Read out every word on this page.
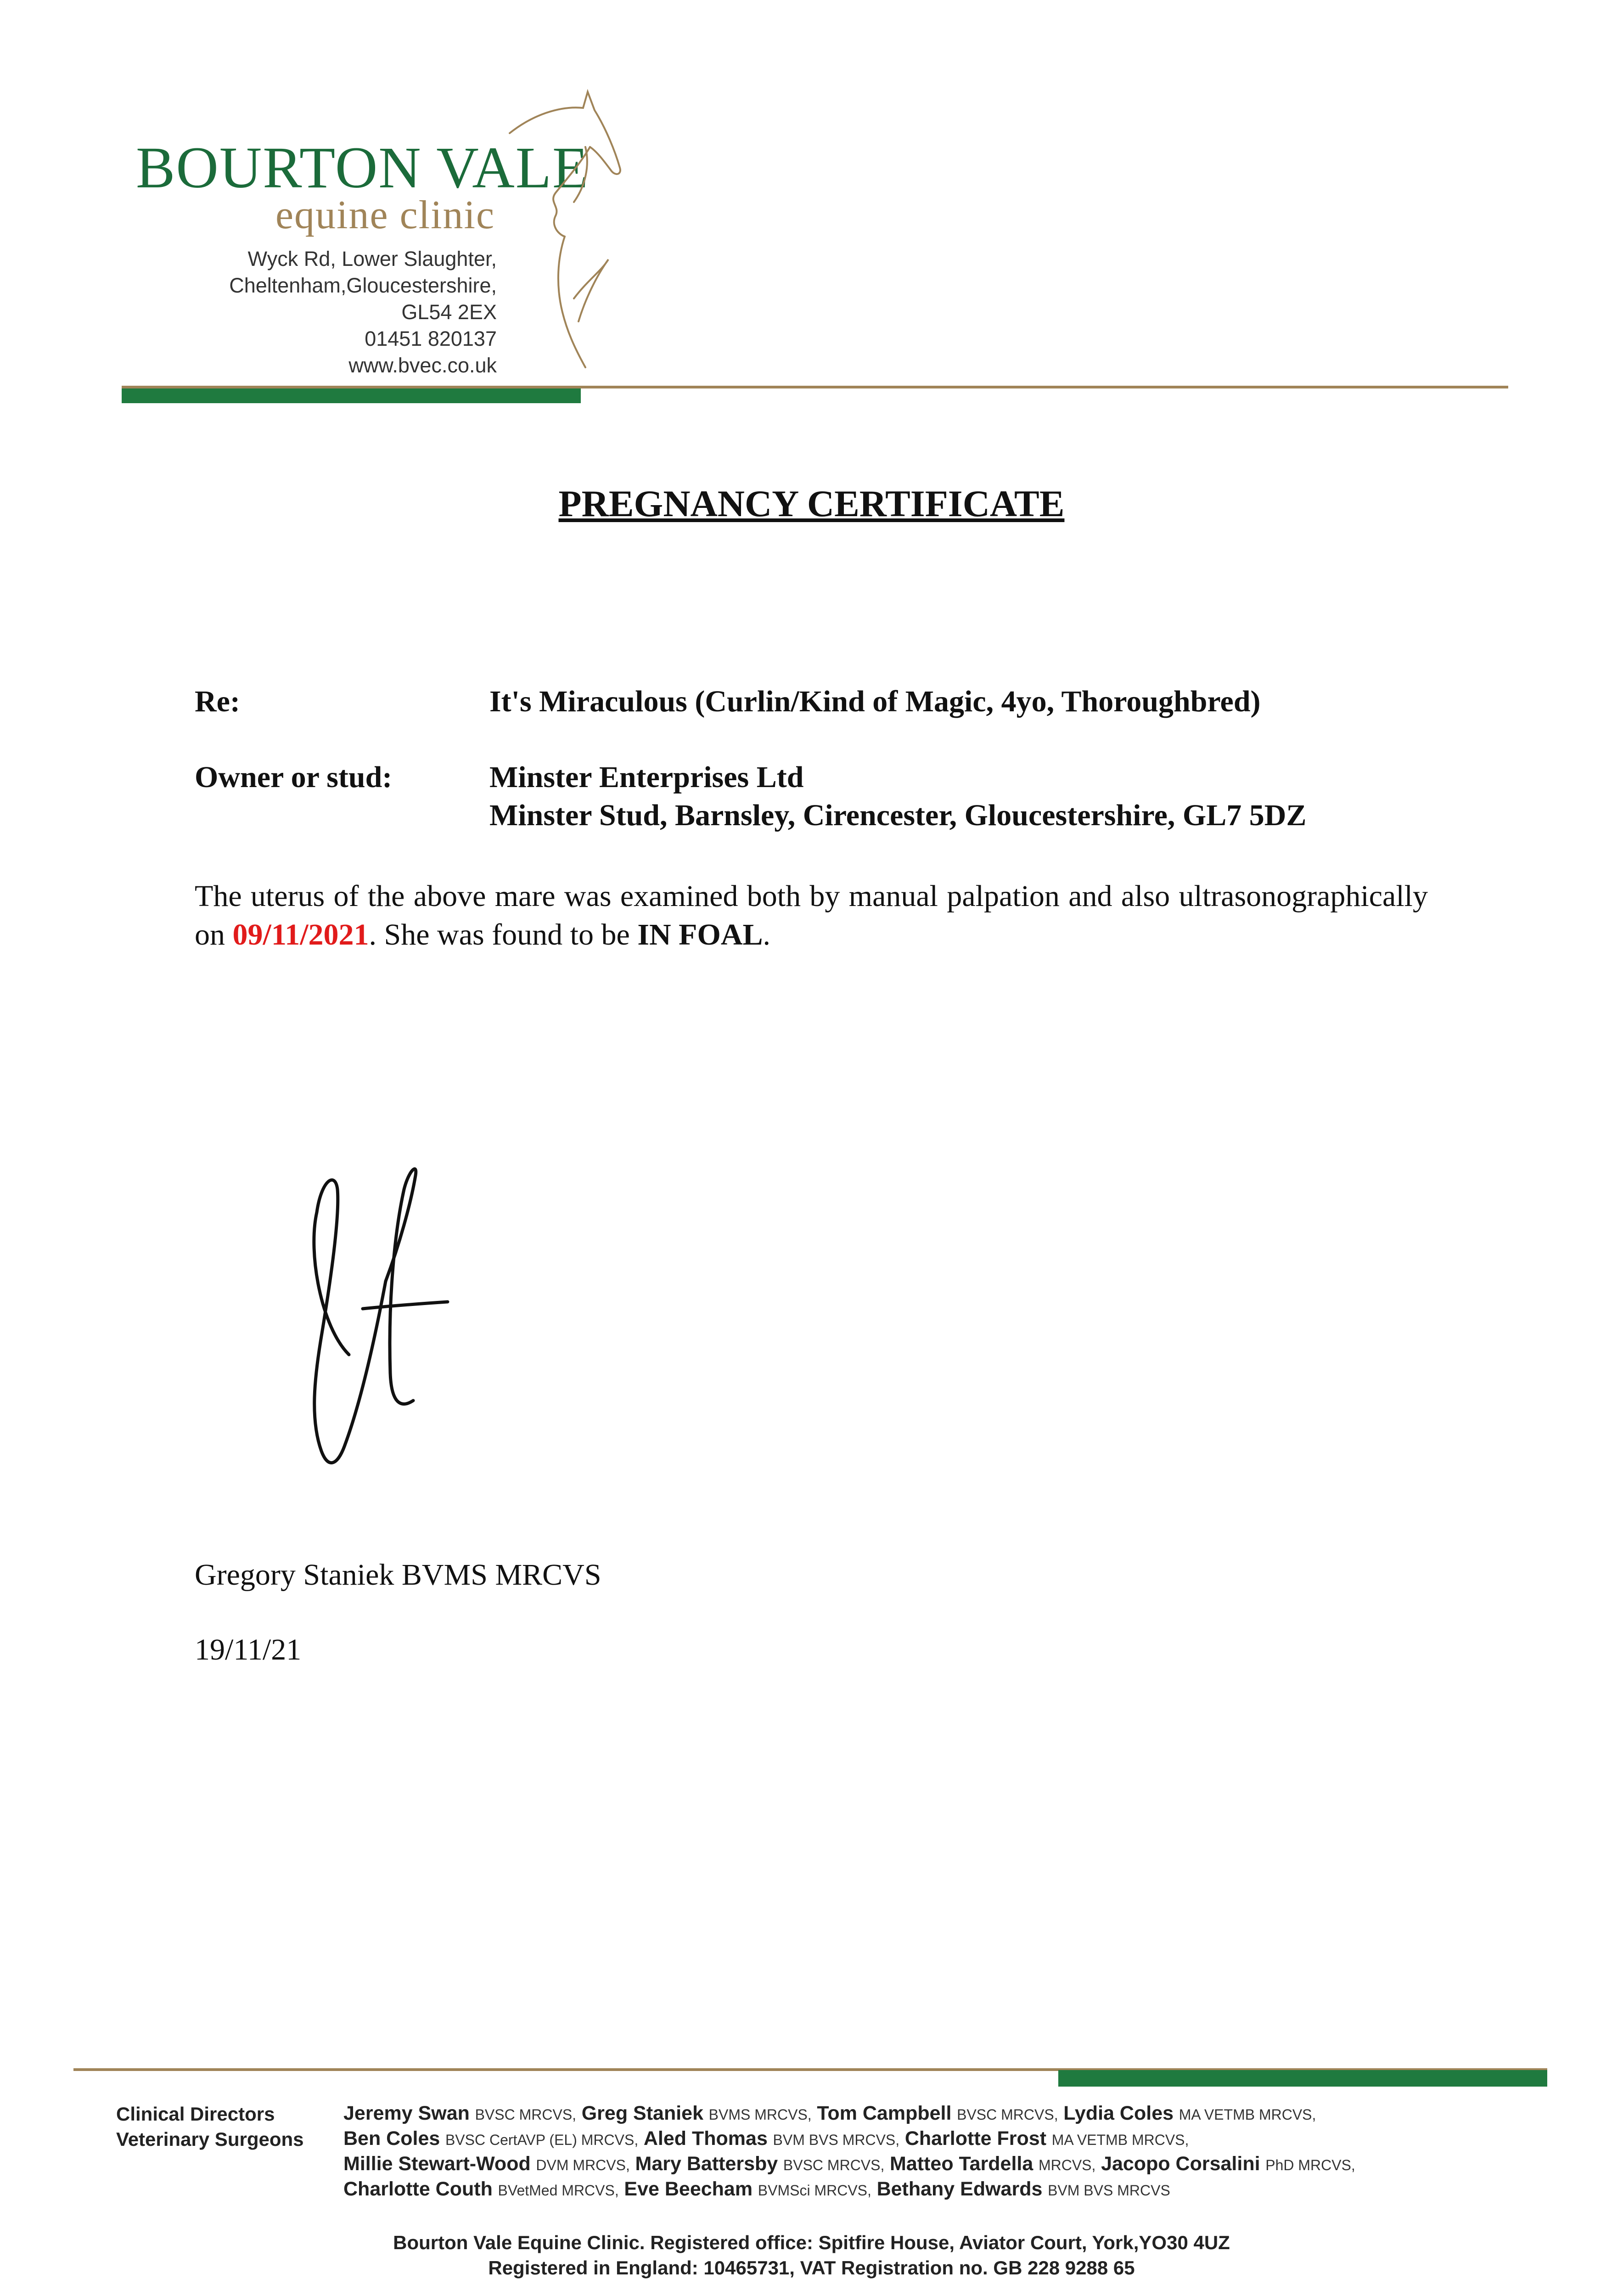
BOURTON VALE
equine clinic
Wyck Rd, Lower Slaughter,
Cheltenham,Gloucestershire,
GL54 2EX
01451 820137
www.bvec.co.uk
PREGNANCY CERTIFICATE
Re:	It's Miraculous (Curlin/Kind of Magic, 4yo, Thoroughbred)
Owner or stud:	Minster Enterprises Ltd
Minster Stud, Barnsley, Cirencester, Gloucestershire, GL7 5DZ
The uterus of the above mare was examined both by manual palpation and also ultrasonographically on 09/11/2021. She was found to be IN FOAL.
Gregory Staniek BVMS MRCVS
19/11/21
Clinical Directors
Veterinary Surgeons
Jeremy Swan BVSC MRCVS, Greg Staniek BVMS MRCVS, Tom Campbell BVSC MRCVS, Lydia Coles MA VETMB MRCVS,
Ben Coles BVSC CertAVP (EL) MRCVS, Aled Thomas BVM BVS MRCVS, Charlotte Frost MA VETMB MRCVS,
Millie Stewart-Wood DVM MRCVS, Mary Battersby BVSC MRCVS, Matteo Tardella MRCVS, Jacopo Corsalini PhD MRCVS,
Charlotte Couth BVetMed MRCVS, Eve Beecham BVMSci MRCVS, Bethany Edwards BVM BVS MRCVS
Bourton Vale Equine Clinic. Registered office: Spitfire House, Aviator Court, York,YO30 4UZ
Registered in England: 10465731, VAT Registration no. GB 228 9288 65
